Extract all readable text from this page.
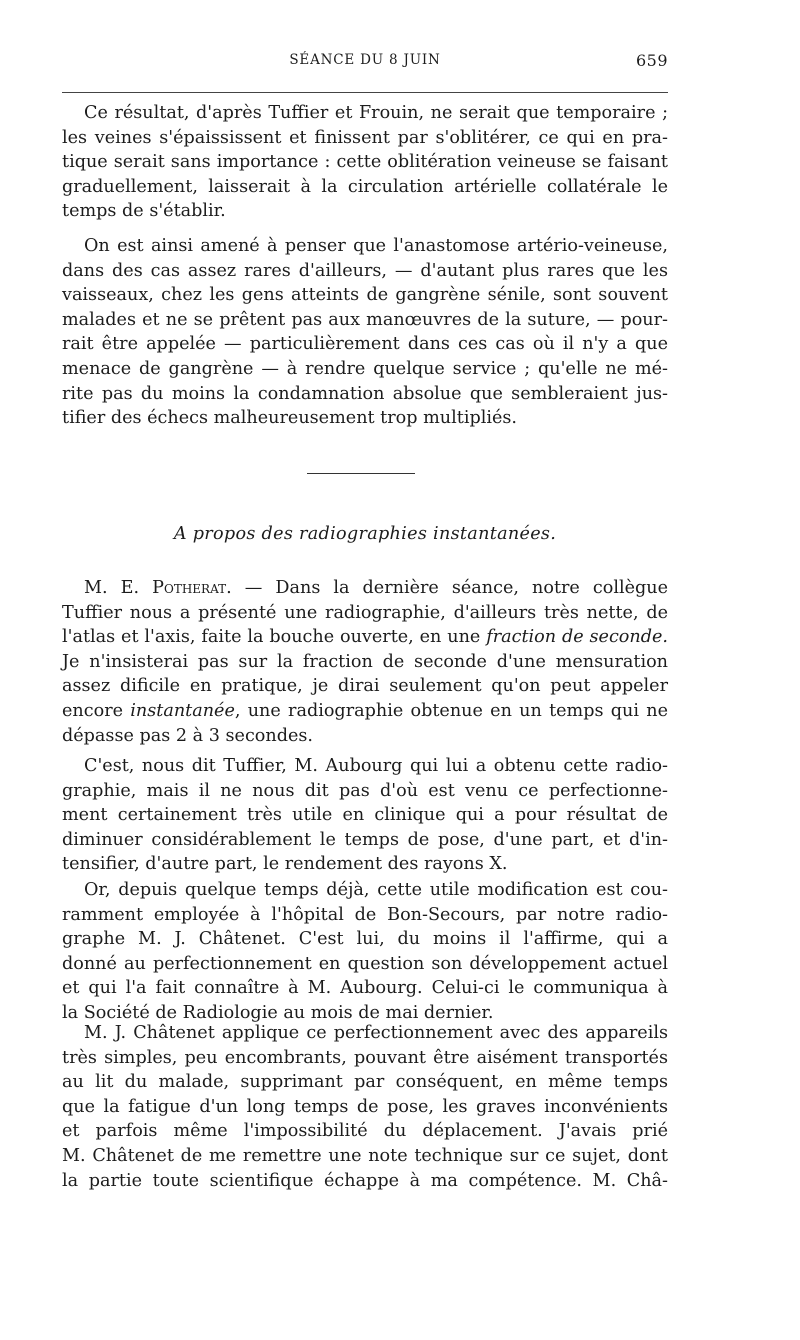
SÉANCE DU 8 JUIN	659
Ce résultat, d'après Tuffier et Frouin, ne serait que temporaire ;
les veines s'épaississent et finissent par s'oblitérer, ce qui en pra-
tique serait sans importance : cette oblitération veineuse se faisant
graduellement, laisserait à la circulation artérielle collatérale le
temps de s'établir.
On est ainsi amené à penser que l'anastomose artério-veineuse,
dans des cas assez rares d'ailleurs, — d'autant plus rares que les
vaisseaux, chez les gens atteints de gangrène sénile, sont souvent
malades et ne se prêtent pas aux manœuvres de la suture, — pour-
rait être appelée — particulièrement dans ces cas où il n'y a que
menace de gangrène — à rendre quelque service ; qu'elle ne mé-
rite pas du moins la condamnation absolue que sembleraient jus-
tifier des échecs malheureusement trop multipliés.
A propos des radiographies instantanées.
M. E. Potherat. — Dans la dernière séance, notre collègue
Tuffier nous a présenté une radiographie, d'ailleurs très nette, de
l'atlas et l'axis, faite la bouche ouverte, en une fraction de seconde.
Je n'insisterai pas sur la fraction de seconde d'une mensuration
assez dificile en pratique, je dirai seulement qu'on peut appeler
encore instantanée, une radiographie obtenue en un temps qui ne
dépasse pas 2 à 3 secondes.
C'est, nous dit Tuffier, M. Aubourg qui lui a obtenu cette radio-
graphie, mais il ne nous dit pas d'où est venu ce perfectionne-
ment certainement très utile en clinique qui a pour résultat de
diminuer considérablement le temps de pose, d'une part, et d'in-
tensifier, d'autre part, le rendement des rayons X.
Or, depuis quelque temps déjà, cette utile modification est cou-
ramment employée à l'hôpital de Bon-Secours, par notre radio-
graphe M. J. Châtenet. C'est lui, du moins il l'affirme, qui a
donné au perfectionnement en question son développement actuel
et qui l'a fait connaître à M. Aubourg. Celui-ci le communiqua à
la Société de Radiologie au mois de mai dernier.
M. J. Châtenet applique ce perfectionnement avec des appareils
très simples, peu encombrants, pouvant être aisément transportés
au lit du malade, supprimant par conséquent, en même temps
que la fatigue d'un long temps de pose, les graves inconvénients
et parfois même l'impossibilité du déplacement. J'avais prié
M. Châtenet de me remettre une note technique sur ce sujet, dont
la partie toute scientifique échappe à ma compétence. M. Châ-
